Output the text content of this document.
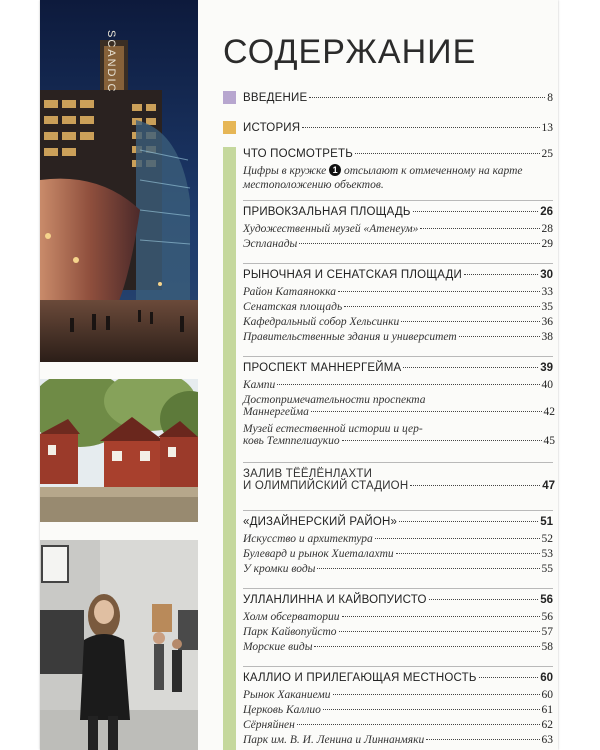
SCANDIC	СОДЕРЖАНИЕ
ВВЕДЕНИЕ	8
ИСТОРИЯ	13
ЧТО ПОСМОТРЕТЬ	25
Цифры в кружке 1 отсылают к отмеченному на карте местоположению объектов.
ПРИВОКЗАЛЬНАЯ ПЛОЩАДЬ	26
Художественный музей «Атенеум»	28
Эспланады	29
РЫНОЧНАЯ И СЕНАТСКАЯ ПЛОЩАДИ	30
Район Катаянокка	33
Сенатская площадь	35
Кафедральный собор Хельсинки	36
Правительственные здания и университет	38
ПРОСПЕКТ МАННЕРГЕЙМА	39
Кампи	40
Достопримечательности проспекта
Маннергейма	42
Музей естественной истории и цер-
ковь Темппелиаукио	45
ЗАЛИВ ТЁЁЛЁНЛАХТИ
И ОЛИМПИЙСКИЙ СТАДИОН	47
«ДИЗАЙНЕРСКИЙ РАЙОН»	51
Искусство и архитектура	52
Булевард и рынок Хиеталахти	53
У кромки воды	55
УЛЛАНЛИННА И КАЙВОПУИСТО	56
Холм обсерватории	56
Парк Кайвопуйсто	57
Морские виды	58
КАЛЛИО И ПРИЛЕГАЮЩАЯ МЕСТНОСТЬ	60
Рынок Хаканиеми	60
Церковь Каллио	61
Сёрняйнен	62
Парк им. В. И. Ленина и Линнанмяки	63
